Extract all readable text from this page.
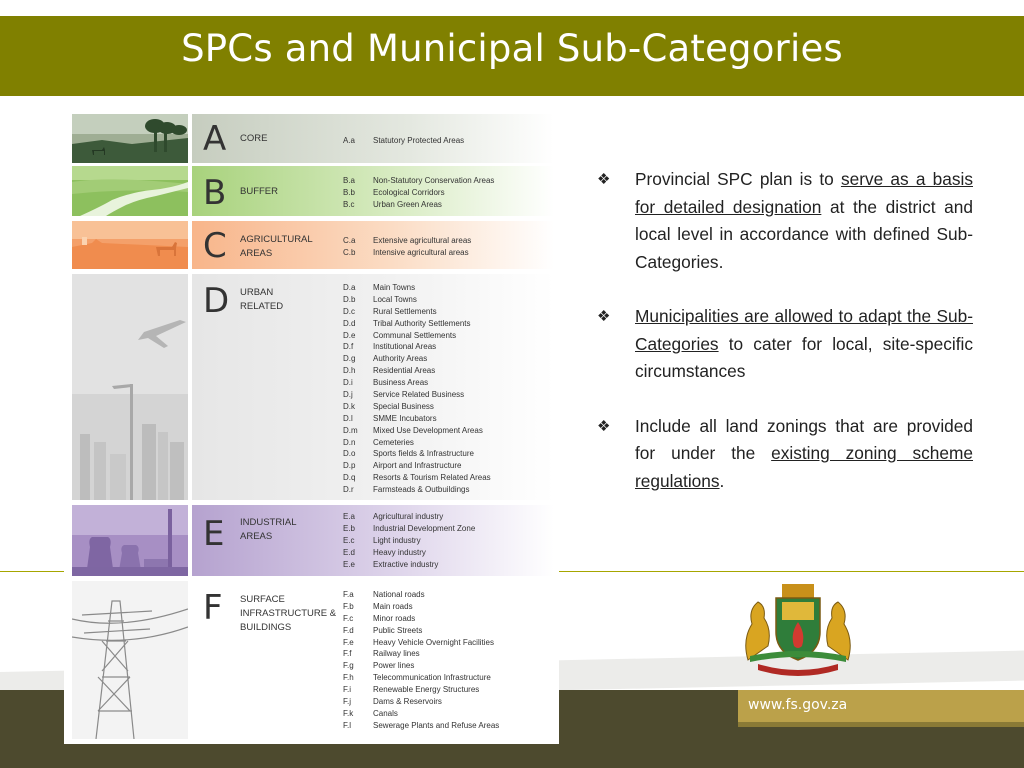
SPCs and Municipal Sub-Categories
www.fs.gov.za
A CORE	A.a Statutory Protected Areas
B BUFFER
B.a Non-Statutory Conservation Areas
B.b Ecological Corridors
B.c Urban Green Areas
C AGRICULTURAL
AREAS
C.a Extensive agricultural areas
C.b Intensive agricultural areas
D URBAN
RELATED
D.a Main Towns
D.b Local Towns
D.c Rural Settlements
D.d Tribal Authority Settlements
D.e Communal Settlements
D.f Institutional Areas
D.g Authority Areas
D.h Residential Areas
D.i	Business Areas
D.j	Service Related Business
D.k Special Business
D.l	SMME Incubators
D.m Mixed Use Development Areas
D.n Cemeteries
D.o Sports fields & Infrastructure
D.p Airport and Infrastructure
D.q Resorts & Tourism Related Areas
D.r Farmsteads & Outbuildings
E INDUSTRIAL
AREAS
E.a Agricultural industry
E.b Industrial Development Zone
E.c Light industry
E.d Heavy industry
E.e Extractive industry
F SURFACE
INFRASTRUCTURE &
BUILDINGS
F.a National roads
F.b Main roads
F.c Minor roads
F.d Public Streets
F.e Heavy Vehicle Overnight Facilities
F.f	Railway lines
F.g Power lines
F.h Telecommunication Infrastructure
F.i	Renewable Energy Structures
F.j	Dams & Reservoirs
F.k Canals
F.l	Sewerage Plants and Refuse Areas
❖ Provincial SPC plan is to serve as a basis for detailed designation at the district and local level in accordance with defined Sub-Categories.
❖ Municipalities are allowed to adapt the Sub-Categories to cater for local, site-specific circumstances
❖ Include all land zonings that are provided for under the existing zoning scheme regulations.
